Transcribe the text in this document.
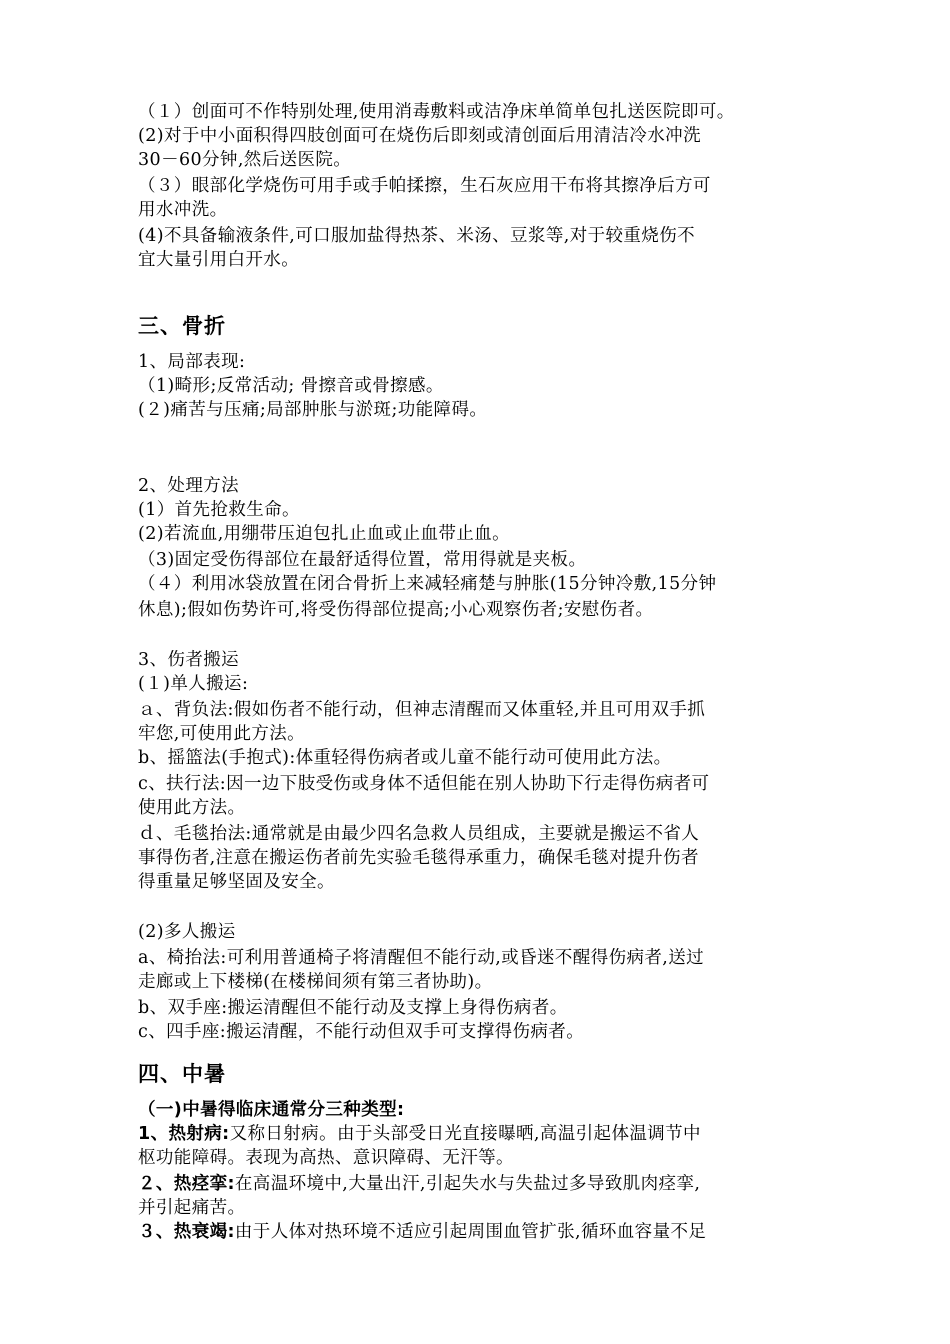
（１）创面可不作特别处理,使用消毒敷料或洁净床单简单包扎送医院即可。
(2)对于中小面积得四肢创面可在烧伤后即刻或清创面后用清洁冷水冲洗
30－60分钟,然后送医院。
（３）眼部化学烧伤可用手或手帕揉擦，生石灰应用干布将其擦净后方可
用水冲洗。
(4)不具备输液条件,可口服加盐得热茶、米汤、豆浆等,对于较重烧伤不
宜大量引用白开水。
三、骨折
1、局部表现:
（1)畸形;反常活动; 骨擦音或骨擦感。
(２)痛苦与压痛;局部肿胀与淤斑;功能障碍。
2、处理方法
(1）首先抢救生命。
(2)若流血,用绷带压迫包扎止血或止血带止血。
（3)固定受伤得部位在最舒适得位置，常用得就是夹板。
（４）利用冰袋放置在闭合骨折上来减轻痛楚与肿胀(15分钟冷敷,15分钟
休息);假如伤势许可,将受伤得部位提高;小心观察伤者;安慰伤者。
3、伤者搬运
(１)单人搬运:
ａ、背负法:假如伤者不能行动，但神志清醒而又体重轻,并且可用双手抓
牢您,可使用此方法。
b、摇篮法(手抱式):体重轻得伤病者或儿童不能行动可使用此方法。
c、扶行法:因一边下肢受伤或身体不适但能在别人协助下行走得伤病者可
使用此方法。
ｄ、毛毯抬法:通常就是由最少四名急救人员组成，主要就是搬运不省人
事得伤者,注意在搬运伤者前先实验毛毯得承重力，确保毛毯对提升伤者
得重量足够坚固及安全。
(2)多人搬运
a、椅抬法:可利用普通椅子将清醒但不能行动,或昏迷不醒得伤病者,送过
走廊或上下楼梯(在楼梯间须有第三者协助)。
b、双手座:搬运清醒但不能行动及支撑上身得伤病者。
c、四手座:搬运清醒，不能行动但双手可支撑得伤病者。
四、中暑
（一)中暑得临床通常分三种类型:
1、热射病:又称日射病。由于头部受日光直接曝晒,高温引起体温调节中
枢功能障碍。表现为高热、意识障碍、无汗等。
２、热痉挛:在高温环境中,大量出汗,引起失水与失盐过多导致肌肉痉挛,
并引起痛苦。
３、热衰竭:由于人体对热环境不适应引起周围血管扩张,循环血容量不足
